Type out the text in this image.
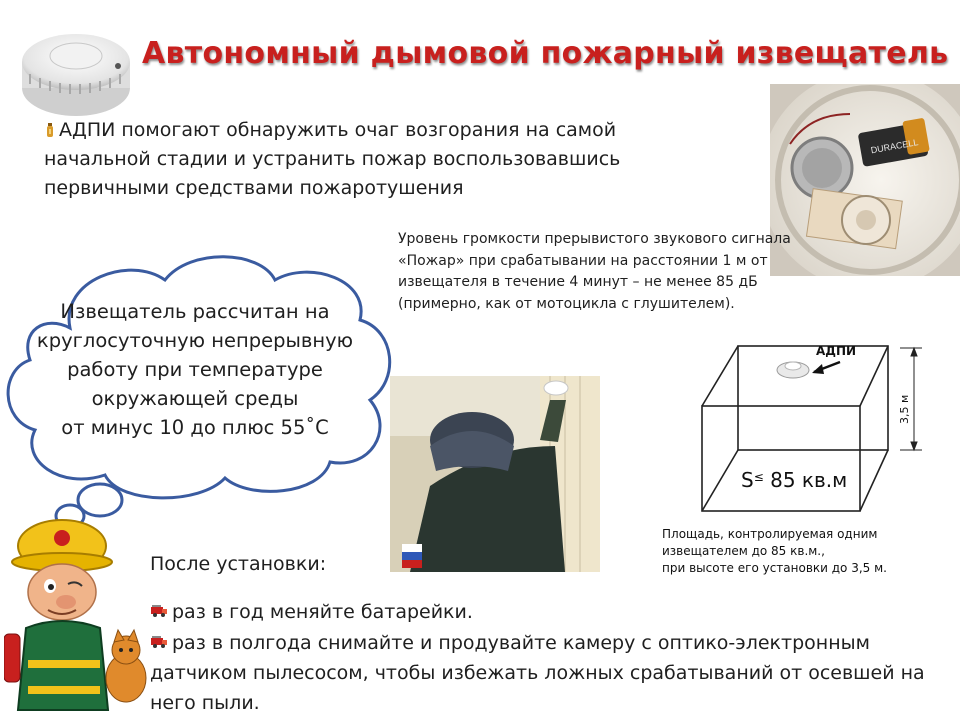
Автономный дымовой пожарный извещатель
АДПИ помогают обнаружить очаг возгорания на самой начальной стадии и устранить пожар воспользовавшись первичными средствами пожаротушения
DURACELL
Уровень громкости прерывистого звукового сигнала
«Пожар» при срабатывании на расстоянии 1 м от
извещателя в течение 4 минут – не менее 85 дБ
(примерно, как от мотоцикла с глушителем).
Извещатель рассчитан на
круглосуточную непрерывную
работу при температуре
окружающей среды
от минус 10 до плюс 55˚С
АДПИ
S≤ 85 кв.м
3,5 м
Площадь, контролируемая одним
извещателем до 85 кв.м.,
при высоте его установки до 3,5 м.
После установки:
раз в год меняйте батарейки.
раз в полгода снимайте и продувайте камеру с оптико-электронным датчиком пылесосом, чтобы избежать ложных срабатываний от осевшей на него пыли.
